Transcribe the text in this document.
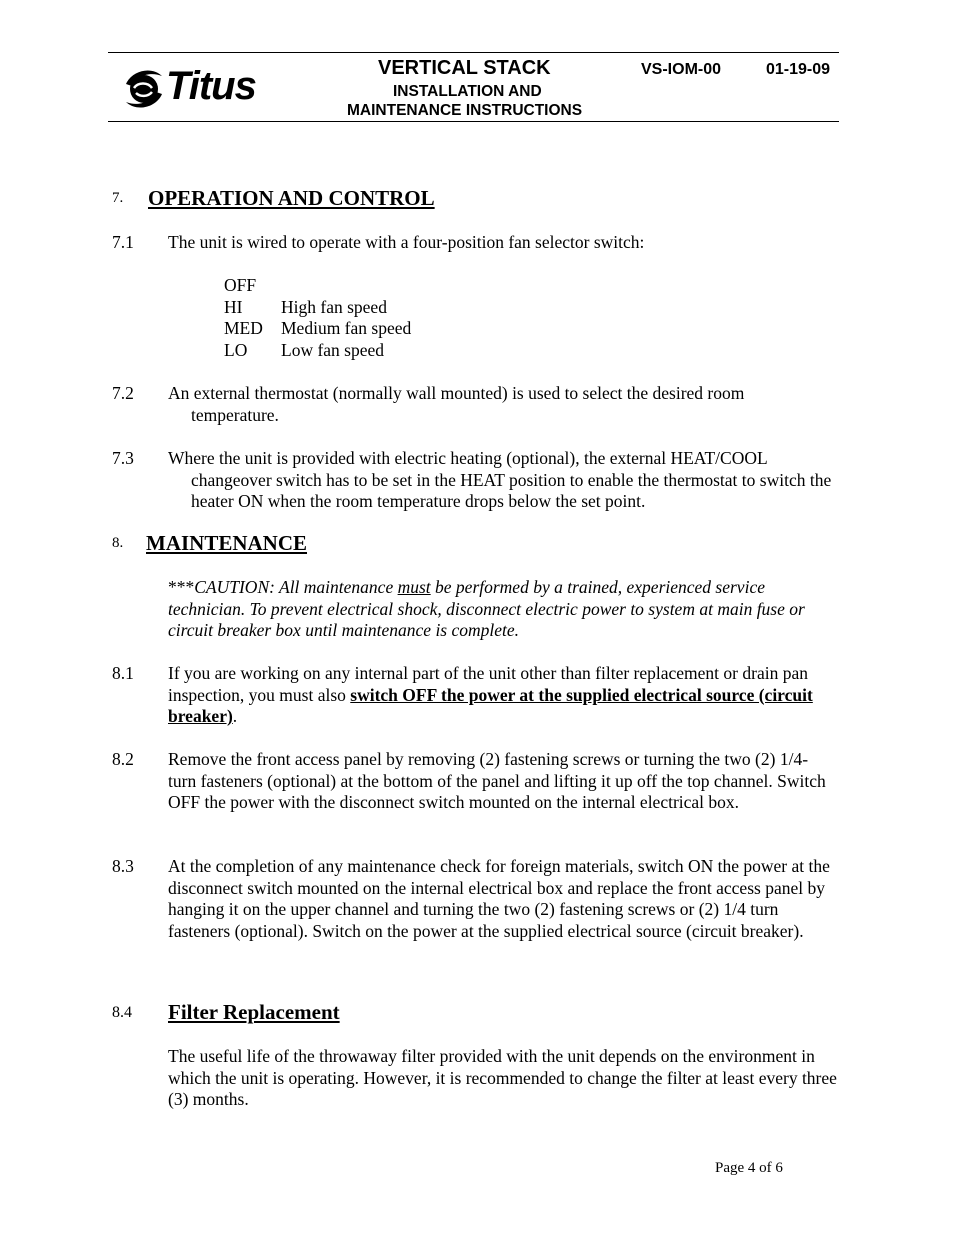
Titus	VERTICAL STACK	VS-IOM-00	01-19-09
INSTALLATION AND
MAINTENANCE INSTRUCTIONS
7. OPERATION AND CONTROL
7.1 The unit is wired to operate with a four-position fan selector switch:
OFF
HI High fan speed
MED Medium fan speed
LO Low fan speed
7.2 An external thermostat (normally wall mounted) is used to select the desired room temperature.
7.3 Where the unit is provided with electric heating (optional), the external HEAT/COOL changeover switch has to be set in the HEAT position to enable the thermostat to switch the heater ON when the room temperature drops below the set point.
8. MAINTENANCE
***CAUTION: All maintenance must be performed by a trained, experienced service technician. To prevent electrical shock, disconnect electric power to system at main fuse or circuit breaker box until maintenance is complete.
8.1 If you are working on any internal part of the unit other than filter replacement or drain pan inspection, you must also switch OFF the power at the supplied electrical source (circuit breaker).
8.2 Remove the front access panel by removing (2) fastening screws or turning the two (2) 1/4-turn fasteners (optional) at the bottom of the panel and lifting it up off the top channel. Switch OFF the power with the disconnect switch mounted on the internal electrical box.
8.3 At the completion of any maintenance check for foreign materials, switch ON the power at the disconnect switch mounted on the internal electrical box and replace the front access panel by hanging it on the upper channel and turning the two (2) fastening screws or (2) 1/4 turn fasteners (optional). Switch on the power at the supplied electrical source (circuit breaker).
8.4 Filter Replacement
The useful life of the throwaway filter provided with the unit depends on the environment in which the unit is operating. However, it is recommended to change the filter at least every three (3) months.
Page 4 of 6
